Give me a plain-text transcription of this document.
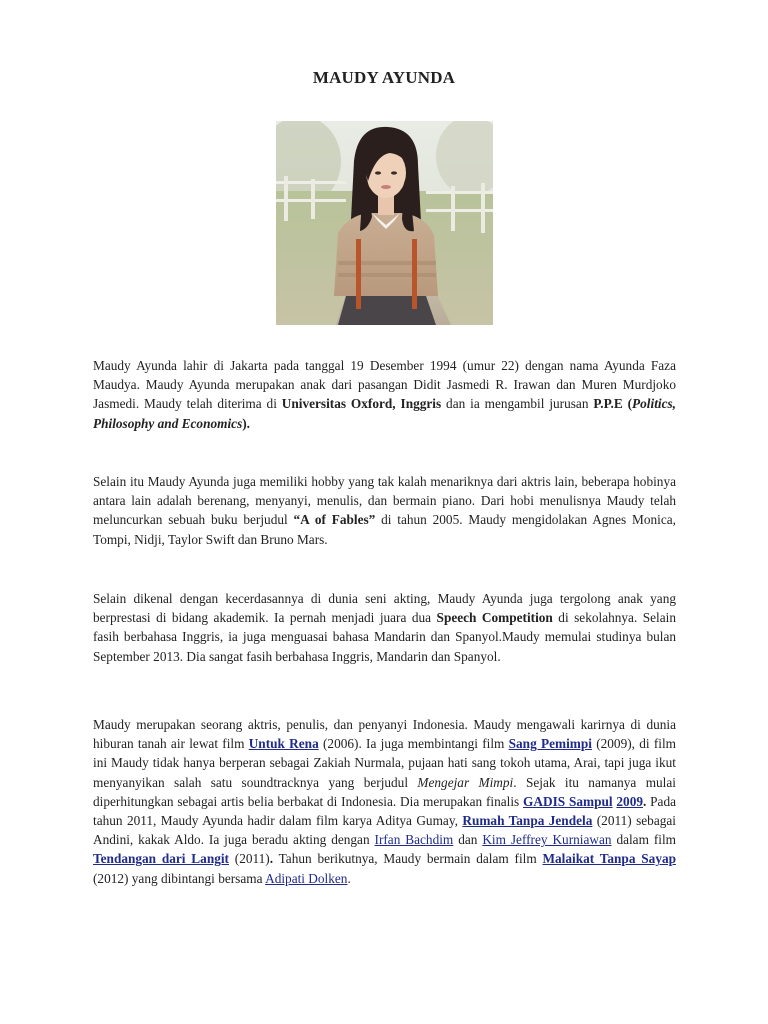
MAUDY AYUNDA

Maudy Ayunda lahir di Jakarta pada tanggal 19 Desember 1994 (umur 22) dengan nama Ayunda Faza Maudya. Maudy Ayunda merupakan anak dari pasangan Didit Jasmedi R. Irawan dan Muren Murdjoko Jasmedi. Maudy telah diterima di Universitas Oxford, Inggris dan ia mengambil jurusan P.P.E (Politics, Philosophy and Economics).

Selain itu Maudy Ayunda juga memiliki hobby yang tak kalah menariknya dari aktris lain, beberapa hobinya antara lain adalah berenang, menyanyi, menulis, dan bermain piano. Dari hobi menulisnya Maudy telah meluncurkan sebuah buku berjudul “A of Fables” di tahun 2005. Maudy mengidolakan Agnes Monica, Tompi, Nidji, Taylor Swift dan Bruno Mars.

Selain dikenal dengan kecerdasannya di dunia seni akting, Maudy Ayunda juga tergolong anak yang berprestasi di bidang akademik. Ia pernah menjadi juara dua Speech Competition di sekolahnya. Selain fasih berbahasa Inggris, ia juga menguasai bahasa Mandarin dan Spanyol.Maudy memulai studinya bulan September 2013. Dia sangat fasih berbahasa Inggris, Mandarin dan Spanyol.

Maudy merupakan seorang aktris, penulis, dan penyanyi Indonesia. Maudy mengawali karirnya di dunia hiburan tanah air lewat film Untuk Rena (2006). Ia juga membintangi film Sang Pemimpi (2009), di film ini Maudy tidak hanya berperan sebagai Zakiah Nurmala, pujaan hati sang tokoh utama, Arai, tapi juga ikut menyanyikan salah satu soundtracknya yang berjudul Mengejar Mimpi. Sejak itu namanya mulai diperhitungkan sebagai artis belia berbakat di Indonesia. Dia merupakan finalis GADIS Sampul 2009. Pada tahun 2011, Maudy Ayunda hadir dalam film karya Aditya Gumay, Rumah Tanpa Jendela (2011) sebagai Andini, kakak Aldo. Ia juga beradu akting dengan Irfan Bachdim dan Kim Jeffrey Kurniawan dalam film Tendangan dari Langit (2011). Tahun berikutnya, Maudy bermain dalam film Malaikat Tanpa Sayap (2012) yang dibintangi bersama Adipati Dolken.
